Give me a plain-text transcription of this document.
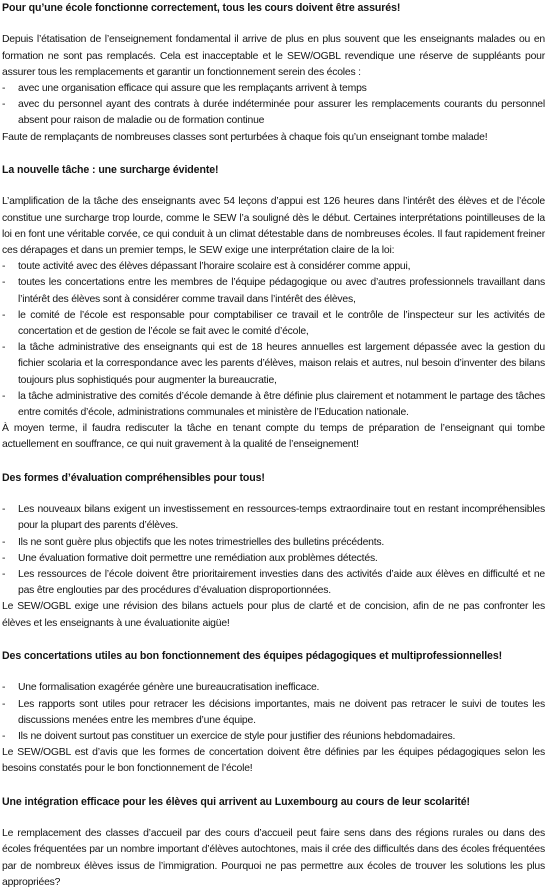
Pour qu’une école fonctionne correctement, tous les cours doivent être assurés!

Depuis l’étatisation de l’enseignement fondamental il arrive de plus en plus souvent que les enseignants malades ou en formation ne sont pas remplacés. Cela est inacceptable et le SEW/OGBL revendique une réserve de suppléants pour assurer tous les remplacements et garantir un fonctionnement serein des écoles :

- avec une organisation efficace qui assure que les remplaçants arrivent à temps
- avec du personnel ayant des contrats à durée indéterminée pour assurer les remplacements courants du personnel absent pour raison de maladie ou de formation continue

Faute de remplaçants de nombreuses classes sont perturbées à chaque fois qu’un enseignant tombe malade!

La nouvelle tâche : une surcharge évidente!

L’amplification de la tâche des enseignants avec 54 leçons d’appui est 126 heures dans l’intérêt des élèves et de l’école constitue une surcharge trop lourde, comme le SEW l’a souligné dès le début. Certaines interprétations pointilleuses de la loi en font une véritable corvée, ce qui conduit à un climat détestable dans de nombreuses écoles. Il faut rapidement freiner ces dérapages et dans un premier temps, le SEW exige une interprétation claire de la loi:

- toute activité avec des élèves dépassant l’horaire scolaire est à considérer comme appui,
- toutes les concertations entre les membres de l’équipe pédagogique ou avec d’autres professionnels travaillant dans l’intérêt des élèves sont à considérer comme travail dans l’intérêt des élèves,
- le comité de l’école est responsable pour comptabiliser ce travail et le contrôle de l’inspecteur sur les activités de concertation et de gestion de l’école se fait avec le comité d’école,
- la tâche administrative des enseignants qui est de 18 heures annuelles est largement dépassée avec la gestion du fichier scolaria et la correspondance avec les parents d’élèves, maison relais et autres, nul besoin d’inventer des bilans toujours plus sophistiqués pour augmenter la bureaucratie,
- la tâche administrative des comités d’école demande à être définie plus clairement et notamment le partage des tâches entre comités d’école, administrations communales et ministère de l’Education nationale.

À moyen terme, il faudra rediscuter la tâche en tenant compte du temps de préparation de l’enseignant qui tombe actuellement en souffrance, ce qui nuit gravement à la qualité de l’enseignement!

Des formes d’évaluation compréhensibles pour tous!
- Les nouveaux bilans exigent un investissement en ressources-temps extraordinaire tout en restant incompréhensibles pour la plupart des parents d’élèves.
- Ils ne sont guère plus objectifs que les notes trimestrielles des bulletins précédents.
- Une évaluation formative doit permettre une remédiation aux problèmes détectés.
- Les ressources de l’école doivent être prioritairement investies dans des activités d’aide aux élèves en difficulté et ne pas être englouties par des procédures d’évaluation disproportionnées.

Le SEW/OGBL exige une révision des bilans actuels pour plus de clarté et de concision, afin de ne pas confronter les élèves et les enseignants à une évaluationite aigüe!

Des concertations utiles au bon fonctionnement des équipes pédagogiques et multiprofessionnelles!
- Une formalisation exagérée génère une bureaucratisation inefficace.
- Les rapports sont utiles pour retracer les décisions importantes, mais ne doivent pas retracer le suivi de toutes les discussions menées entre les membres d’une équipe.
- Ils ne doivent surtout pas constituer un exercice de style pour justifier des réunions hebdomadaires.

Le SEW/OGBL est d’avis que les formes de concertation doivent être définies par les équipes pédagogiques selon les besoins constatés pour le bon fonctionnement de l’école!

Une intégration efficace pour les élèves qui arrivent au Luxembourg au cours de leur scolarité!

Le remplacement des classes d’accueil par des cours d’accueil peut faire sens dans des régions rurales ou dans des écoles fréquentées par un nombre important d’élèves autochtones, mais il crée des difficultés dans des écoles fréquentées par de nombreux élèves issus de l’immigration. Pourquoi ne pas permettre aux écoles de trouver les solutions les plus appropriées?
